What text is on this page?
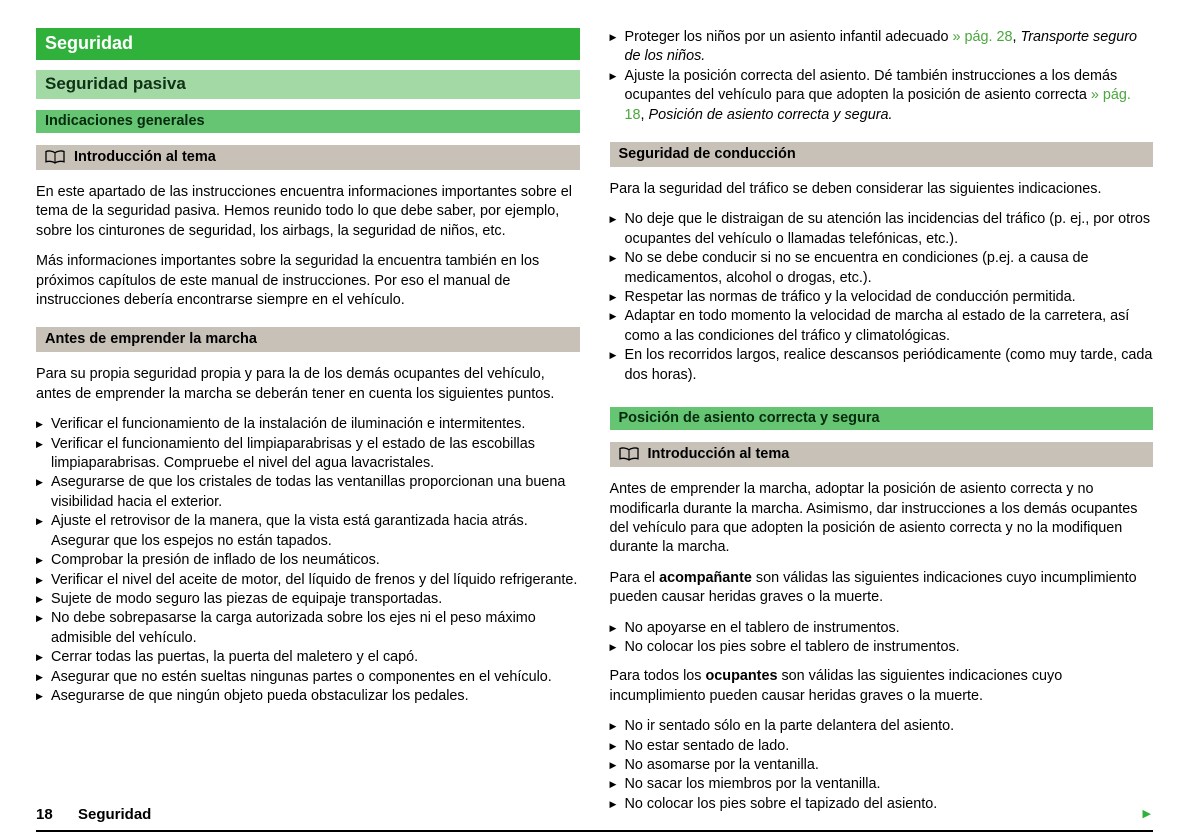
Seguridad
Seguridad pasiva
Indicaciones generales
Introducción al tema

En este apartado de las instrucciones encuentra informaciones importantes sobre el tema de la seguridad pasiva. Hemos reunido todo lo que debe saber, por ejemplo, sobre los cinturones de seguridad, los airbags, la seguridad de niños, etc.

Más informaciones importantes sobre la seguridad la encuentra también en los próximos capítulos de este manual de instrucciones. Por eso el manual de instrucciones debería encontrarse siempre en el vehículo.

Antes de emprender la marcha

Para su propia seguridad propia y para la de los demás ocupantes del vehículo, antes de emprender la marcha se deberán tener en cuenta los siguientes puntos.

▶ Verificar el funcionamiento de la instalación de iluminación e intermitentes.
▶ Verificar el funcionamiento del limpiaparabrisas y el estado de las escobillas limpiaparabrisas. Compruebe el nivel del agua lavacristales.
▶ Asegurarse de que los cristales de todas las ventanillas proporcionan una buena visibilidad hacia el exterior.
▶ Ajuste el retrovisor de la manera, que la vista está garantizada hacia atrás. Asegurar que los espejos no están tapados.
▶ Comprobar la presión de inflado de los neumáticos.
▶ Verificar el nivel del aceite de motor, del líquido de frenos y del líquido refrigerante.
▶ Sujete de modo seguro las piezas de equipaje transportadas.
▶ No debe sobrepasarse la carga autorizada sobre los ejes ni el peso máximo admisible del vehículo.
▶ Cerrar todas las puertas, la puerta del maletero y el capó.
▶ Asegurar que no estén sueltas ningunas partes o componentes en el vehículo.
▶ Asegurarse de que ningún objeto pueda obstaculizar los pedales.
▶ Proteger los niños por un asiento infantil adecuado » pág. 28, Transporte seguro de los niños.
▶ Ajuste la posición correcta del asiento. Dé también instrucciones a los demás ocupantes del vehículo para que adopten la posición de asiento correcta » pág. 18, Posición de asiento correcta y segura.
Seguridad de conducción

Para la seguridad del tráfico se deben considerar las siguientes indicaciones.

▶ No deje que le distraigan de su atención las incidencias del tráfico (p. ej., por otros ocupantes del vehículo o llamadas telefónicas, etc.).
▶ No se debe conducir si no se encuentra en condiciones (p.ej. a causa de medicamentos, alcohol o drogas, etc.).
▶ Respetar las normas de tráfico y la velocidad de conducción permitida.
▶ Adaptar en todo momento la velocidad de marcha al estado de la carretera, así como a las condiciones del tráfico y climatológicas.
▶ En los recorridos largos, realice descansos periódicamente (como muy tarde, cada dos horas).
Posición de asiento correcta y segura
Introducción al tema

Antes de emprender la marcha, adoptar la posición de asiento correcta y no modificarla durante la marcha. Asimismo, dar instrucciones a los demás ocupantes del vehículo para que adopten la posición de asiento correcta y no la modifiquen durante la marcha.

Para el acompañante son válidas las siguientes indicaciones cuyo incumplimiento pueden causar heridas graves o la muerte.

▶ No apoyarse en el tablero de instrumentos.
▶ No colocar los pies sobre el tablero de instrumentos.

Para todos los ocupantes son válidas las siguientes indicaciones cuyo incumplimiento pueden causar heridas graves o la muerte.

▶ No ir sentado sólo en la parte delantera del asiento.
▶ No estar sentado de lado.
▶ No asomarse por la ventanilla.
▶ No sacar los miembros por la ventanilla.
▶ No colocar los pies sobre el tapizado del asiento.
▶
18 Seguridad
